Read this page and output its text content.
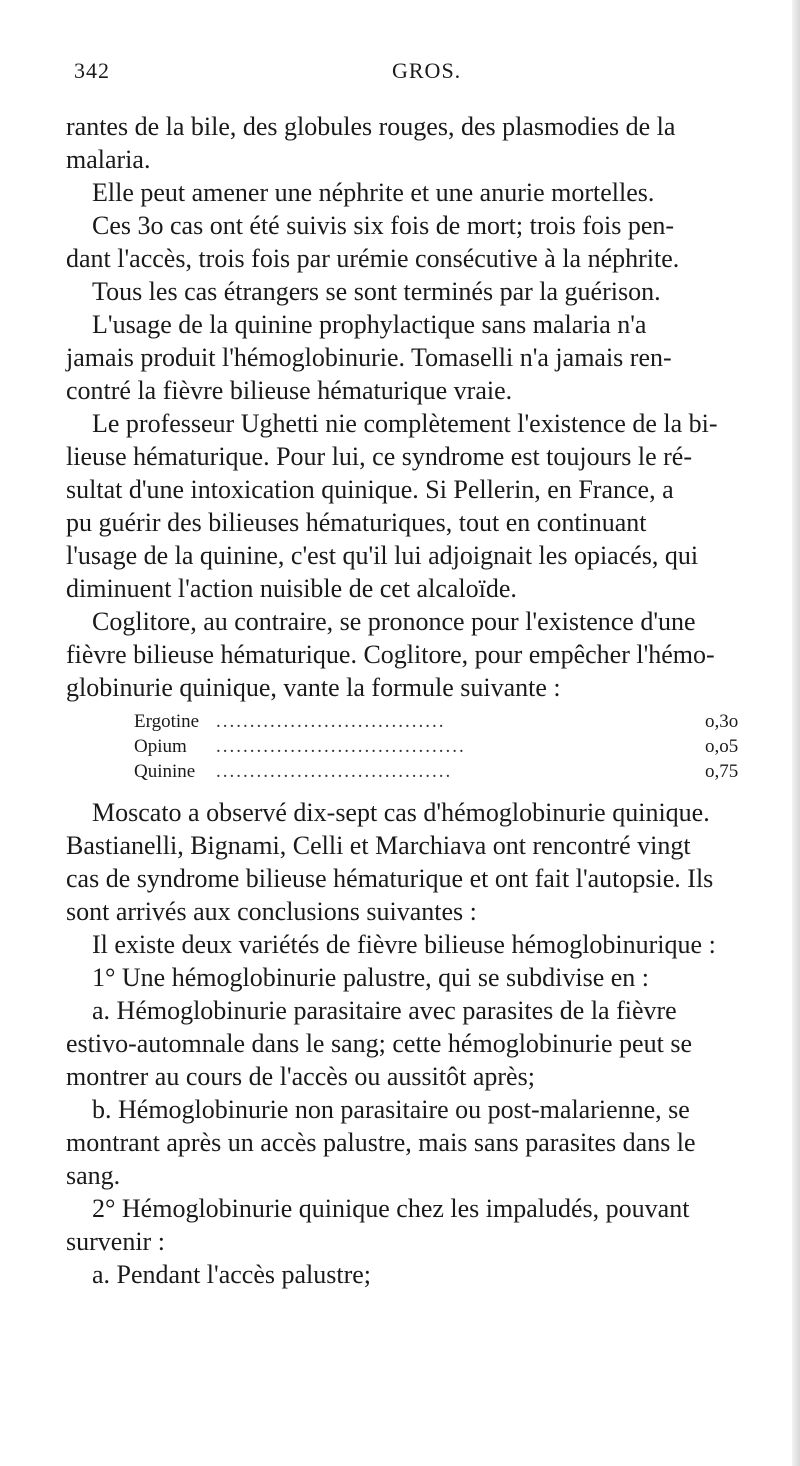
342	GROS.
rantes de la bile, des globules rouges, des plasmodies de la
malaria.
Elle peut amener une néphrite et une anurie mortelles.
Ces 3o cas ont été suivis six fois de mort; trois fois pen-
dant l'accès, trois fois par urémie consécutive à la néphrite.
Tous les cas étrangers se sont terminés par la guérison.
L'usage de la quinine prophylactique sans malaria n'a
jamais produit l'hémoglobinurie. Tomaselli n'a jamais ren-
contré la fièvre bilieuse hématurique vraie.
Le professeur Ughetti nie complètement l'existence de la bi-
lieuse hématurique. Pour lui, ce syndrome est toujours le ré-
sultat d'une intoxication quinique. Si Pellerin, en France, a
pu guérir des bilieuses hématuriques, tout en continuant
l'usage de la quinine, c'est qu'il lui adjoignait les opiacés, qui
diminuent l'action nuisible de cet alcaloïde.
Coglitore, au contraire, se prononce pour l'existence d'une
fièvre bilieuse hématurique. Coglitore, pour empêcher l'hémo-
globinurie quinique, vante la formule suivante :
Ergotine ..................................	o,3o
Opium .....................................	o,o5
Quinine ...................................	o,75
Moscato a observé dix-sept cas d'hémoglobinurie quinique.
Bastianelli, Bignami, Celli et Marchiava ont rencontré vingt
cas de syndrome bilieuse hématurique et ont fait l'autopsie. Ils
sont arrivés aux conclusions suivantes :
Il existe deux variétés de fièvre bilieuse hémoglobinurique :
1° Une hémoglobinurie palustre, qui se subdivise en :
a. Hémoglobinurie parasitaire avec parasites de la fièvre
estivo-automnale dans le sang; cette hémoglobinurie peut se
montrer au cours de l'accès ou aussitôt après;
b. Hémoglobinurie non parasitaire ou post-malarienne, se
montrant après un accès palustre, mais sans parasites dans le
sang.
2° Hémoglobinurie quinique chez les impaludés, pouvant
survenir :
a. Pendant l'accès palustre;
